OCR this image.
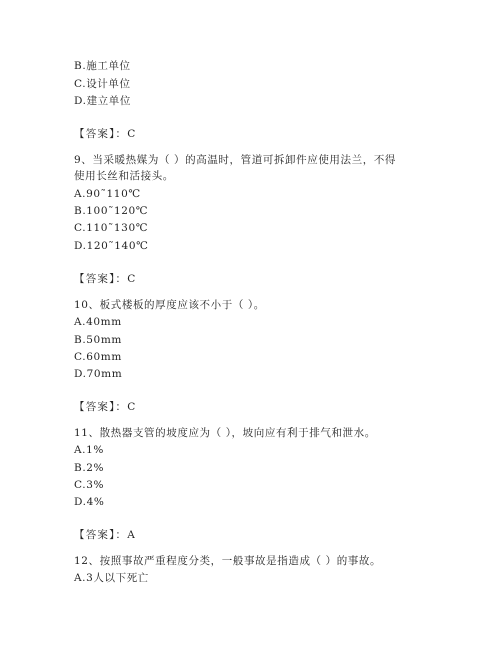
B.施工单位
C.设计单位
D.建立单位
【答案】：C
9、当采暖热媒为（ ）的高温时，管道可拆卸件应使用法兰，不得
使用长丝和活接头。
A.90˜110℃
B.100˜120℃
C.110˜130℃
D.120˜140℃
【答案】：C
10、板式楼板的厚度应该不小于（ ）。
A.40mm
B.50mm
C.60mm
D.70mm
【答案】：C
11、散热器支管的坡度应为（ ），坡向应有利于排气和泄水。
A.1%
B.2%
C.3%
D.4%
【答案】：A
12、按照事故严重程度分类，一般事故是指造成（ ）的事故。
A.3人以下死亡
